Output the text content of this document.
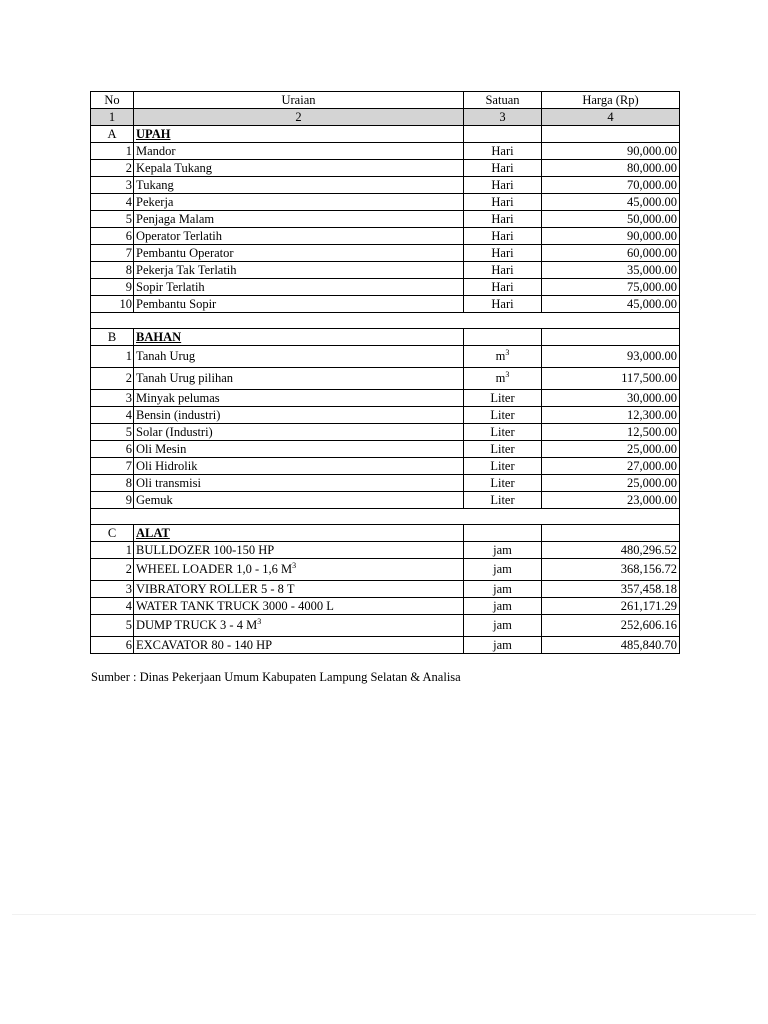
No	Uraian	Satuan	Harga (Rp)
1	2	3	4
A	UPAH		
1	Mandor	Hari	90,000.00
2	Kepala Tukang	Hari	80,000.00
3	Tukang	Hari	70,000.00
4	Pekerja	Hari	45,000.00
5	Penjaga Malam	Hari	50,000.00
6	Operator Terlatih	Hari	90,000.00
7	Pembantu Operator	Hari	60,000.00
8	Pekerja Tak Terlatih	Hari	35,000.00
9	Sopir Terlatih	Hari	75,000.00
10	Pembantu Sopir	Hari	45,000.00

B	BAHAN		
1	Tanah Urug	$m^3$	93,000.00
2	Tanah Urug pilihan	$m^3$	117,500.00
3	Minyak pelumas	Liter	30,000.00
4	Bensin (industri)	Liter	12,300.00
5	Solar (Industri)	Liter	12,500.00
6	Oli Mesin	Liter	25,000.00
7	Oli Hidrolik	Liter	27,000.00
8	Oli transmisi	Liter	25,000.00
9	Gemuk	Liter	23,000.00

C	ALAT		
1	BULLDOZER 100-150 HP	jam	480,296.52
2	WHEEL LOADER 1,0 - 1,6 $M^3$	jam	368,156.72
3	VIBRATORY ROLLER 5 - 8 T	jam	357,458.18
4	WATER TANK TRUCK 3000 - 4000 L	jam	261,171.29
5	DUMP TRUCK 3 - 4 $M^3$	jam	252,606.16
6	EXCAVATOR 80 - 140 HP	jam	485,840.70
Sumber : Dinas Pekerjaan Umum Kabupaten Lampung Selatan & Analisa
